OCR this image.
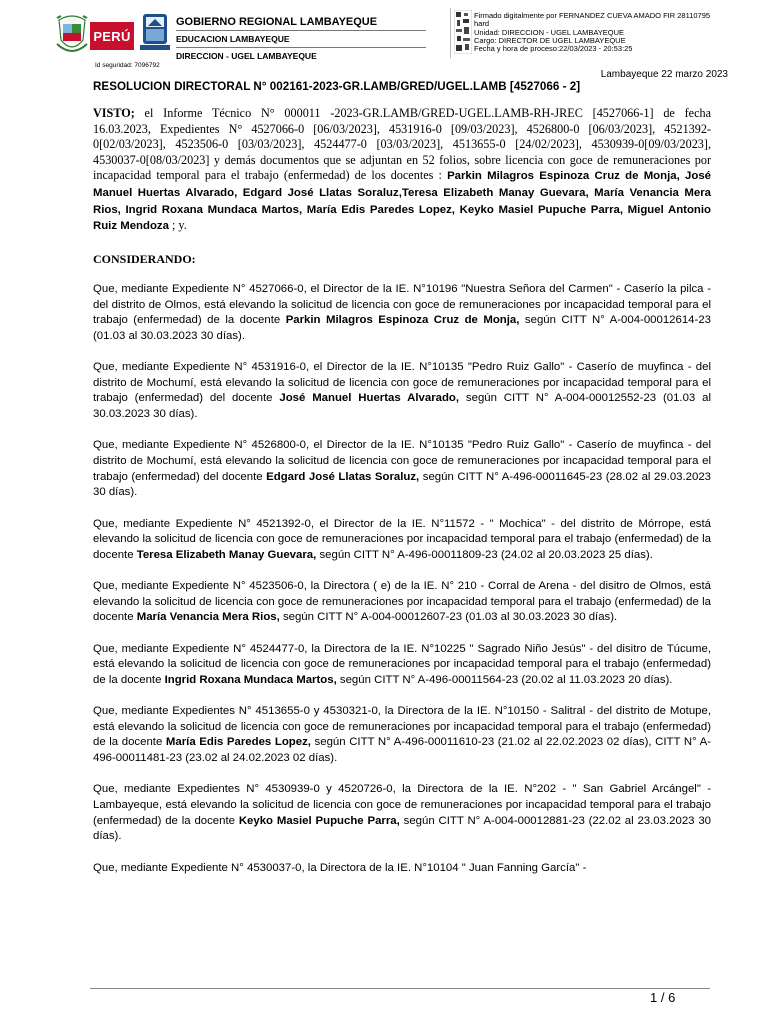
PERÚ
GOBIERNO REGIONAL LAMBAYEQUE
EDUCACION LAMBAYEQUE
DIRECCION - UGEL LAMBAYEQUE
Firmado digitalmente por FERNANDEZ CUEVA AMADO FIR 28110795
hard
Unidad: DIRECCION - UGEL LAMBAYEQUE
Cargo: DIRECTOR DE UGEL LAMBAYEQUE
Fecha y hora de proceso:22/03/2023 - 20:53:25
Id seguridad: 7096792
Lambayeque 22 marzo 2023
RESOLUCION DIRECTORAL N° 002161-2023-GR.LAMB/GRED/UGEL.LAMB [4527066 - 2]
VISTO; el Informe Técnico N° 000011 -2023-GR.LAMB/GRED-UGEL.LAMB-RH-JREC [4527066-1] de fecha 16.03.2023, Expedientes N° 4527066-0 [06/03/2023], 4531916-0 [09/03/2023], 4526800-0 [06/03/2023], 4521392-0[02/03/2023], 4523506-0 [03/03/2023], 4524477-0 [03/03/2023], 4513655-0 [24/02/2023], 4530939-0[09/03/2023], 4530037-0[08/03/2023] y demás documentos que se adjuntan en 52 folios, sobre licencia con goce de remuneraciones por incapacidad temporal para el trabajo (enfermedad) de los docentes : Parkin Milagros Espinoza Cruz de Monja, José Manuel Huertas Alvarado, Edgard José Llatas Soraluz,Teresa Elizabeth Manay Guevara, María Venancia Mera Rios, Ingrid Roxana Mundaca Martos, María Edis Paredes Lopez, Keyko Masiel Pupuche Parra, Miguel Antonio Ruiz Mendoza ; y.
CONSIDERANDO:

Que, mediante Expediente N° 4527066-0, el Director de la IE. N°10196 "Nuestra Señora del Carmen" - Caserío la pilca - del distrito de Olmos, está elevando la solicitud de licencia con goce de remuneraciones por incapacidad temporal para el trabajo (enfermedad) de la docente Parkin Milagros Espinoza Cruz de Monja, según CITT N° A-004-00012614-23 (01.03 al 30.03.2023 30 días).

Que, mediante Expediente N° 4531916-0, el Director de la IE. N°10135 "Pedro Ruiz Gallo" - Caserío de muyfinca - del distrito de Mochumí, está elevando la solicitud de licencia con goce de remuneraciones por incapacidad temporal para el trabajo (enfermedad) del docente José Manuel Huertas Alvarado, según CITT N° A-004-00012552-23 (01.03 al 30.03.2023 30 días).

Que, mediante Expediente N° 4526800-0, el Director de la IE. N°10135 "Pedro Ruiz Gallo" - Caserío de muyfinca - del distrito de Mochumí, está elevando la solicitud de licencia con goce de remuneraciones por incapacidad temporal para el trabajo (enfermedad) del docente Edgard José Llatas Soraluz, según CITT N° A-496-00011645-23 (28.02 al 29.03.2023 30 días).

Que, mediante Expediente N° 4521392-0, el Director de la IE. N°11572 - " Mochica" - del distrito de Mórrope, está elevando la solicitud de licencia con goce de remuneraciones por incapacidad temporal para el trabajo (enfermedad) de la docente Teresa Elizabeth Manay Guevara, según CITT N° A-496-00011809-23 (24.02 al 20.03.2023 25 días).

Que, mediante Expediente N° 4523506-0, la Directora ( e) de la IE. N° 210 - Corral de Arena - del disitro de Olmos, está elevando la solicitud de licencia con goce de remuneraciones por incapacidad temporal para el trabajo (enfermedad) de la docente María Venancia Mera Rios, según CITT N° A-004-00012607-23 (01.03 al 30.03.2023 30 días).

Que, mediante Expediente N° 4524477-0, la Directora de la IE. N°10225 " Sagrado Niño Jesús" - del disitro de Túcume, está elevando la solicitud de licencia con goce de remuneraciones por incapacidad temporal para el trabajo (enfermedad) de la docente Ingrid Roxana Mundaca Martos, según CITT N° A-496-00011564-23 (20.02 al 11.03.2023 20 días).

Que, mediante Expedientes N° 4513655-0 y 4530321-0, la Directora de la IE. N°10150 - Salitral - del distrito de Motupe, está elevando la solicitud de licencia con goce de remuneraciones por incapacidad temporal para el trabajo (enfermedad) de la docente María Edis Paredes Lopez, según CITT N° A-496-00011610-23 (21.02 al 22.02.2023 02 días), CITT N° A-496-00011481-23 (23.02 al 24.02.2023 02 días).

Que, mediante Expedientes N° 4530939-0 y 4520726-0, la Directora de la IE. N°202 - " San Gabriel Arcángel" - Lambayeque, está elevando la solicitud de licencia con goce de remuneraciones por incapacidad temporal para el trabajo (enfermedad) de la docente Keyko Masiel Pupuche Parra, según CITT N° A-004-00012881-23 (22.02 al 23.03.2023 30 días).

Que, mediante Expediente N° 4530037-0, la Directora de la IE. N°10104 " Juan Fanning García" -

1 / 6
